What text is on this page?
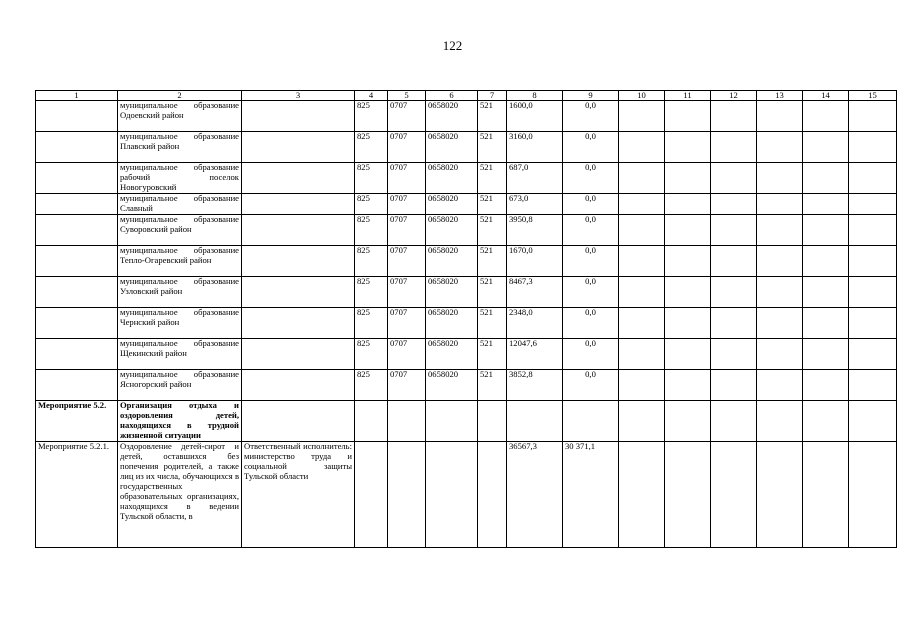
122
1	2	3	4	5	6	7	8	9	10	11	12	13	14	15
	муниципальное образование Одоевский район		825	0707	0658020	521	1600,0	0,0						
	муниципальное образование Плавский район		825	0707	0658020	521	3160,0	0,0						
	муниципальное образование рабочий поселок Новогуровский		825	0707	0658020	521	687,0	0,0						
	муниципальное образование Славный		825	0707	0658020	521	673,0	0,0						
	муниципальное образование Суворовский район		825	0707	0658020	521	3950,8	0,0						
	муниципальное образование Тепло-Огаревский район		825	0707	0658020	521	1670,0	0,0						
	муниципальное образование Узловский район		825	0707	0658020	521	8467,3	0,0						
	муниципальное образование Чернский район		825	0707	0658020	521	2348,0	0,0						
	муниципальное образование Щекинский район		825	0707	0658020	521	12047,6	0,0						
	муниципальное образование Ясногорский район		825	0707	0658020	521	3852,8	0,0						
Мероприятие 5.2.	Организация отдыха и оздоровления детей, находящихся в трудной жизненной ситуации													
Мероприятие 5.2.1.	Оздоровление детей-сирот и детей, оставшихся без попечения родителей, а также лиц из их числа, обучающихся в государственных образовательных организациях, находящихся в ведении Тульской области, в	Ответственный исполнитель: министерство труда и социальной защиты Тульской области					36567,3	30 371,1						
